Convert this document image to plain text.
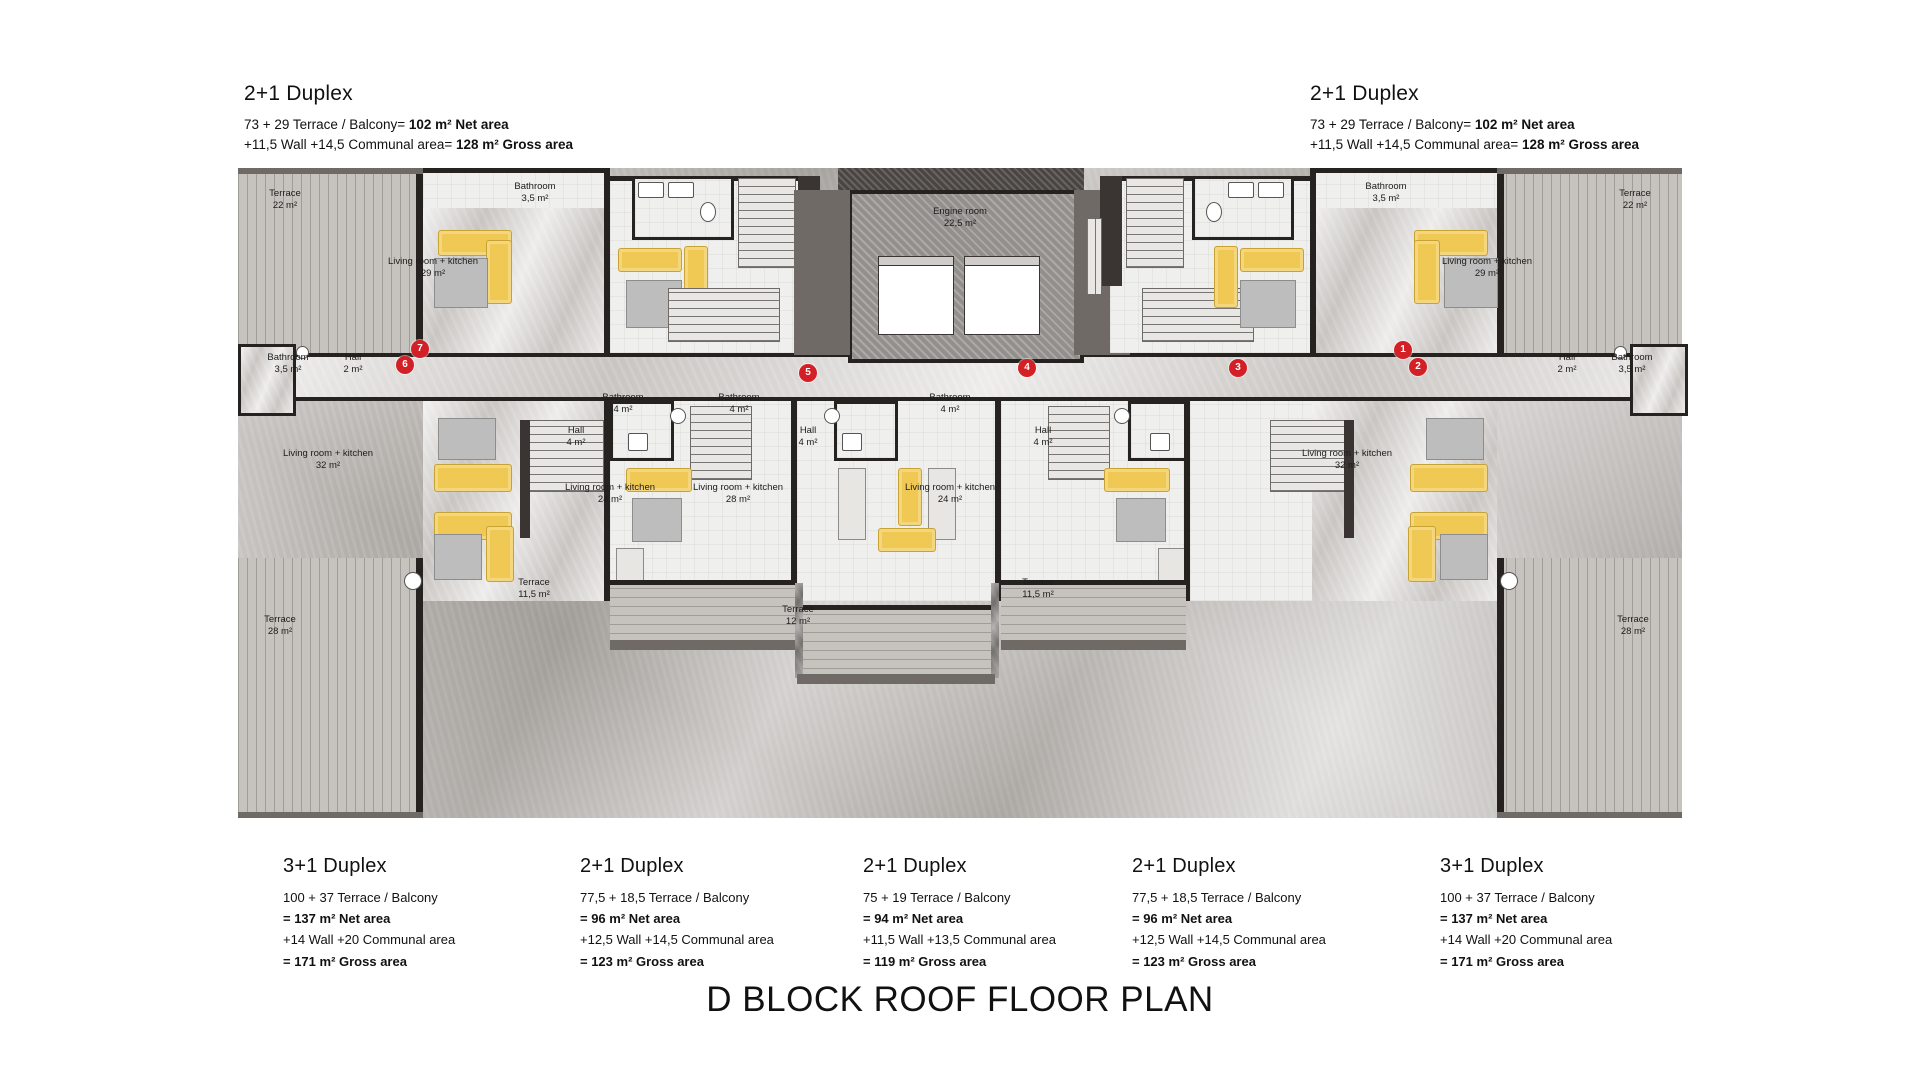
2+1 Duplex
73 + 29 Terrace / Balcony= 102 m² Net area
+11,5 Wall +14,5 Communal area= 128 m² Gross area
2+1 Duplex
73 + 29 Terrace / Balcony= 102 m² Net area
+11,5 Wall +14,5 Communal area= 128 m² Gross area
3+1 Duplex
100 + 37 Terrace / Balcony
= 137 m² Net area
+14 Wall +20 Communal area
= 171 m² Gross area
2+1 Duplex
77,5 + 18,5 Terrace / Balcony
= 96 m² Net area
+12,5 Wall +14,5 Communal area
= 123 m² Gross area
2+1 Duplex
75 + 19 Terrace / Balcony
= 94 m² Net area
+11,5 Wall +13,5 Communal area
= 119 m² Gross area
2+1 Duplex
77,5 + 18,5 Terrace / Balcony
= 96 m² Net area
+12,5 Wall +14,5 Communal area
= 123 m² Gross area
3+1 Duplex
100 + 37 Terrace / Balcony
= 137 m² Net area
+14 Wall +20 Communal area
= 171 m² Gross area
Terrace
22 m²
Bathroom
3,5 m²
Living room + kitchen
29 m²
Engine room
22,5 m²
Bathroom
3,5 m²	Terrace
22 m²
Living room + kitchen
29 m²
Bathroom
3,5 m²
Hall
2 m²
Hall
2 m²
Bathroom
3,5 m²
Bathroom
4 m²
Bathroom
4 m²
Bathroom
4 m²
Hall
4 m²
Hall
4 m²
Hall
4 m²
Living room + kitchen
32 m²
Living room + kitchen
24 m²
Living room + kitchen
28 m²
Living room + kitchen
24 m²
Living room + kitchen
32 m²
Terrace
11,5 m²
Terrace
12 m²
Terrace
11,5 m²
Terrace
28 m²
Terrace
28 m²
1
2
3
4
5
6
7
D BLOCK ROOF FLOOR PLAN
